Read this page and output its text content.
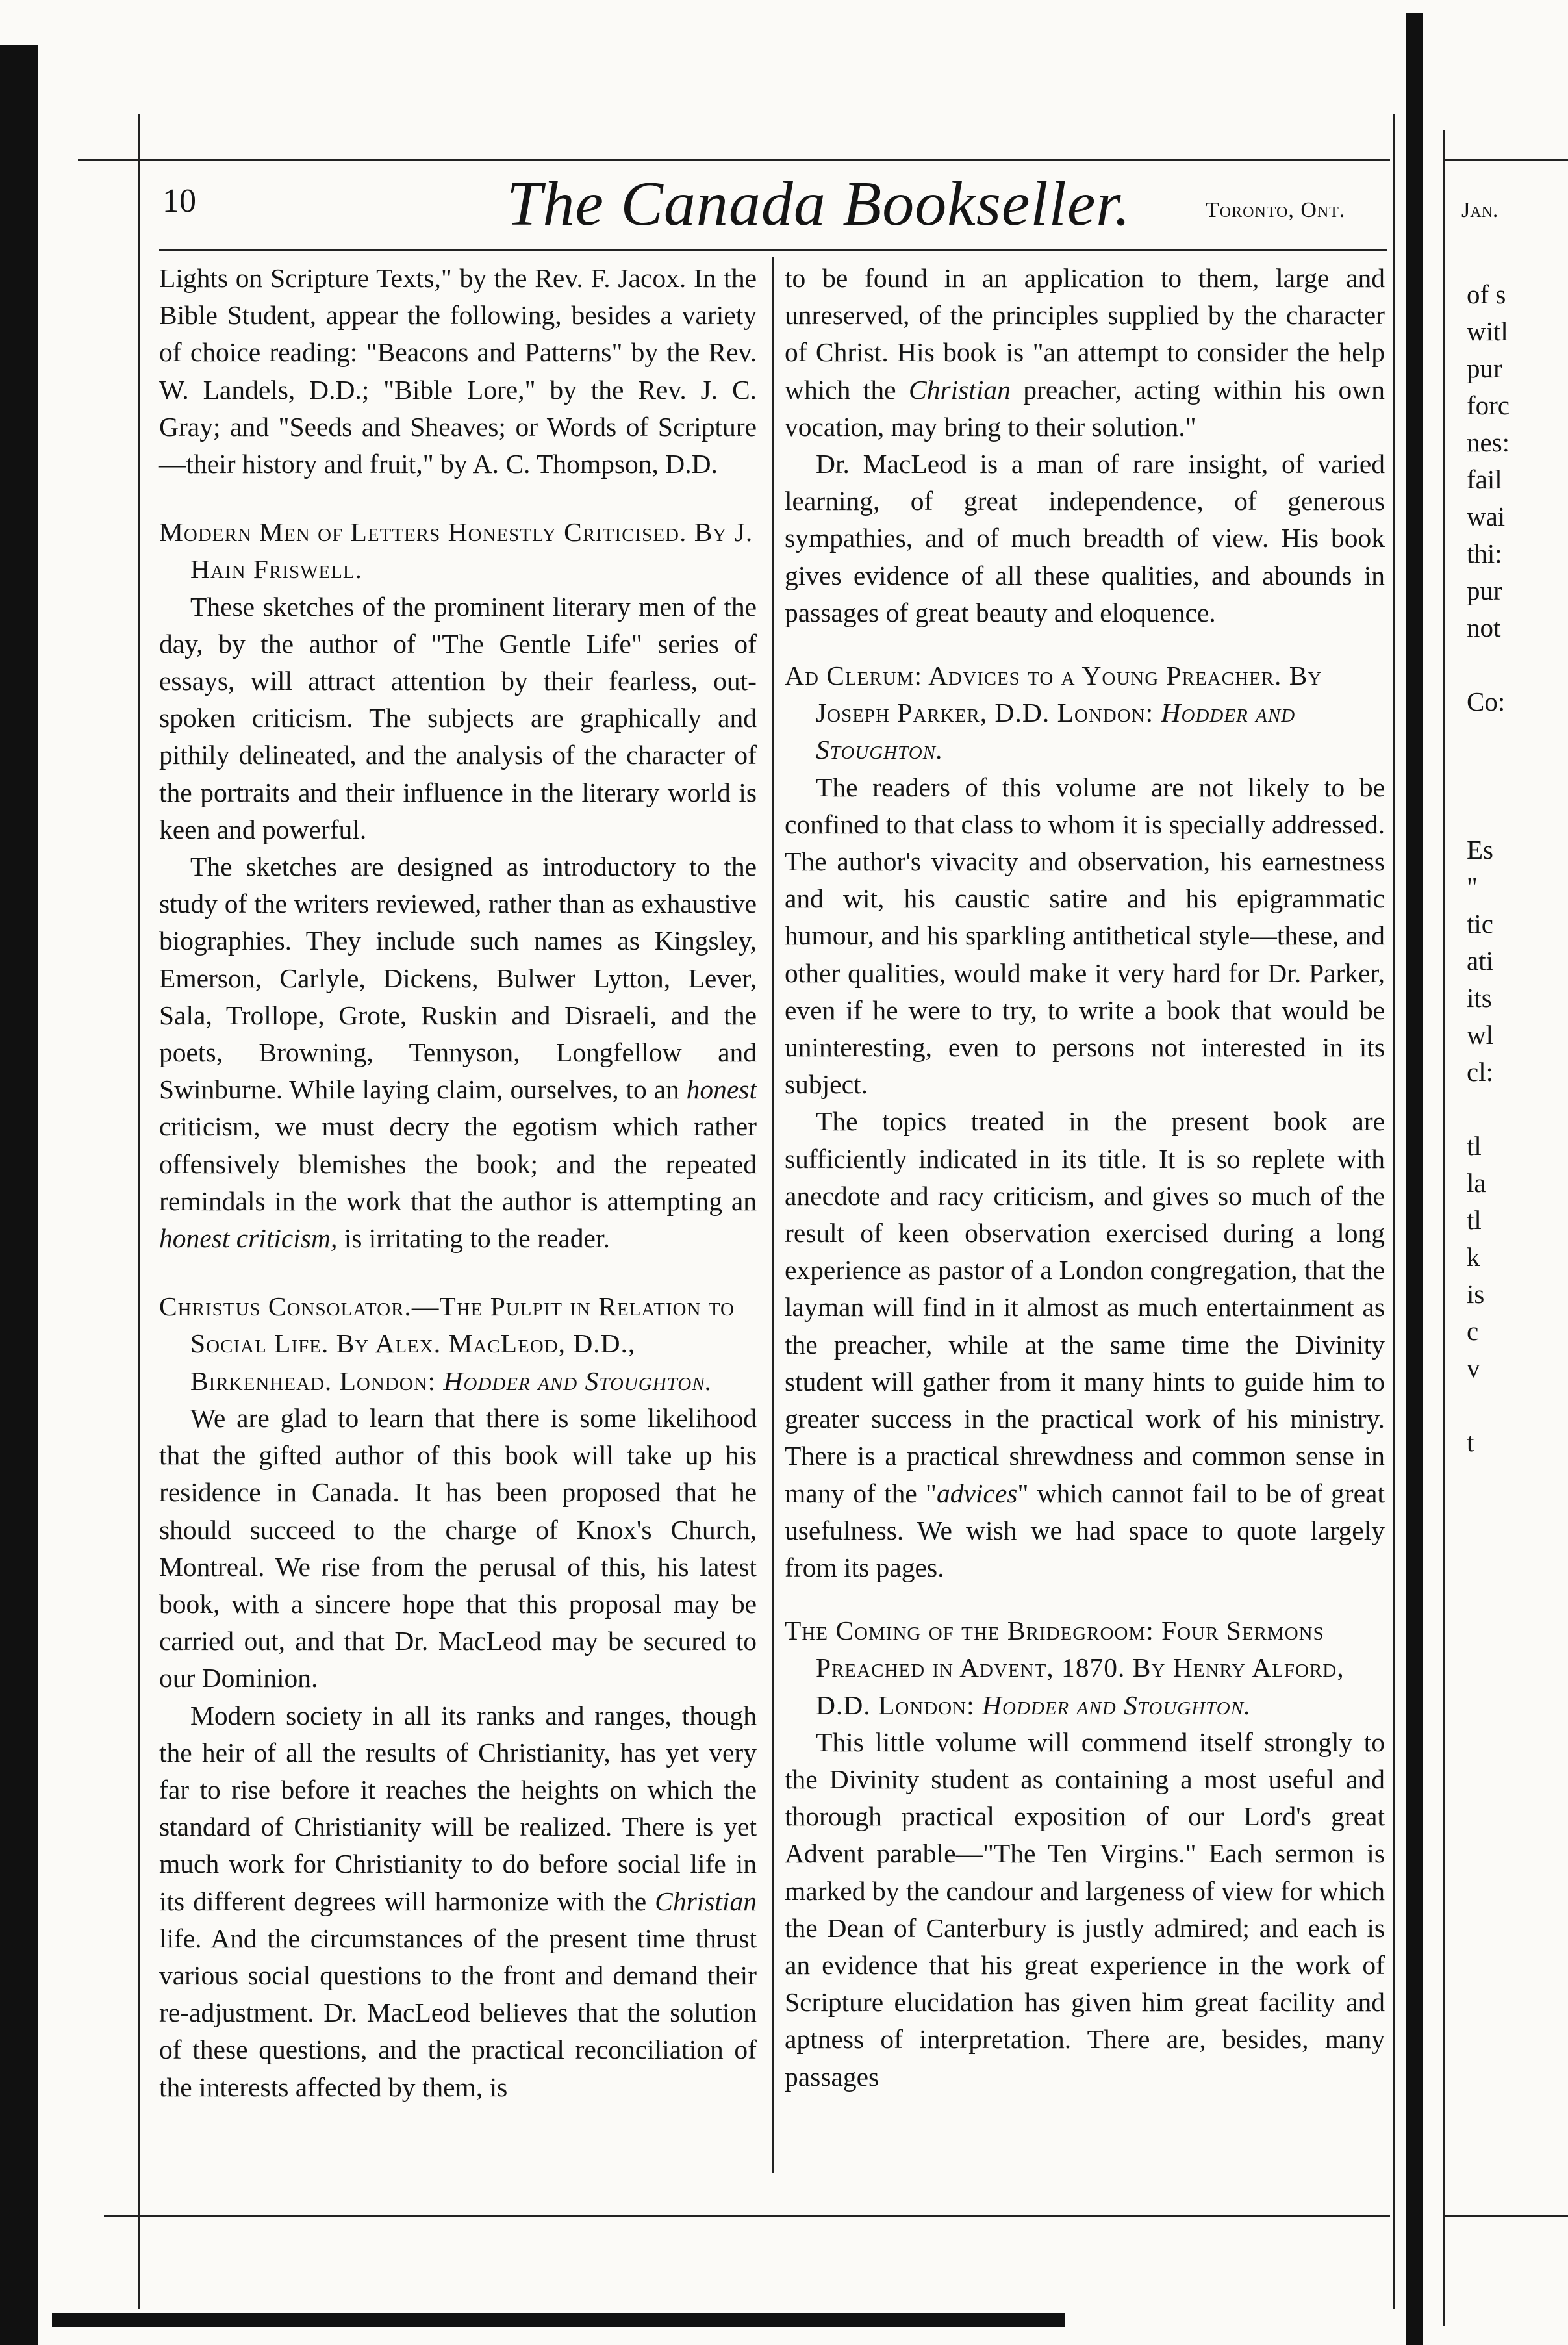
10	The Canada Bookseller.	Toronto, Ont.	Jan.

Lights on Scripture Texts," by the Rev. F. Jacox. In the Bible Student, appear the following, besides a variety of choice reading: "Beacons and Patterns" by the Rev. W. Landels, D.D.; "Bible Lore," by the Rev. J. C. Gray; and "Seeds and Sheaves; or Words of Scripture—their history and fruit," by A. C. Thompson, D.D.

Modern Men of Letters Honestly Criticised. By J. Hain Friswell.

These sketches of the prominent literary men of the day, by the author of "The Gentle Life" series of essays, will attract attention by their fearless, out-spoken criticism. The subjects are graphically and pithily delineated, and the analysis of the character of the portraits and their influence in the literary world is keen and powerful.

The sketches are designed as introductory to the study of the writers reviewed, rather than as exhaustive biographies. They include such names as Kingsley, Emerson, Carlyle, Dickens, Bulwer Lytton, Lever, Sala, Trollope, Grote, Ruskin and Disraeli, and the poets, Browning, Tennyson, Longfellow and Swinburne. While laying claim, ourselves, to an honest criticism, we must decry the egotism which rather offensively blemishes the book; and the repeated remindals in the work that the author is attempting an honest criticism, is irritating to the reader.

Christus Consolator.—The Pulpit in Relation to Social Life. By Alex. MacLeod, D.D., Birkenhead. London: Hodder and Stoughton.

We are glad to learn that there is some likelihood that the gifted author of this book will take up his residence in Canada. It has been proposed that he should succeed to the charge of Knox's Church, Montreal. We rise from the perusal of this, his latest book, with a sincere hope that this proposal may be carried out, and that Dr. MacLeod may be secured to our Dominion.

Modern society in all its ranks and ranges, though the heir of all the results of Christianity, has yet very far to rise before it reaches the heights on which the standard of Christianity will be realized. There is yet much work for Christianity to do before social life in its different degrees will harmonize with the Christian life. And the circumstances of the present time thrust various social questions to the front and demand their re-adjustment. Dr. MacLeod believes that the solution of these questions, and the practical reconciliation of the interests affected by them, is

to be found in an application to them, large and unreserved, of the principles supplied by the character of Christ. His book is "an attempt to consider the help which the Christian preacher, acting within his own vocation, may bring to their solution."

Dr. MacLeod is a man of rare insight, of varied learning, of great independence, of generous sympathies, and of much breadth of view. His book gives evidence of all these qualities, and abounds in passages of great beauty and eloquence.

Ad Clerum: Advices to a Young Preacher. By Joseph Parker, D.D. London: Hodder and Stoughton.

The readers of this volume are not likely to be confined to that class to whom it is specially addressed. The author's vivacity and observation, his earnestness and wit, his caustic satire and his epigrammatic humour, and his sparkling antithetical style—these, and other qualities, would make it very hard for Dr. Parker, even if he were to try, to write a book that would be uninteresting, even to persons not interested in its subject.

The topics treated in the present book are sufficiently indicated in its title. It is so replete with anecdote and racy criticism, and gives so much of the result of keen observation exercised during a long experience as pastor of a London congregation, that the layman will find in it almost as much entertainment as the preacher, while at the same time the Divinity student will gather from it many hints to guide him to greater success in the practical work of his ministry. There is a practical shrewdness and common sense in many of the "advices" which cannot fail to be of great usefulness. We wish we had space to quote largely from its pages.

The Coming of the Bridegroom: Four Sermons Preached in Advent, 1870. By Henry Alford, D.D. London: Hodder and Stoughton.

This little volume will commend itself strongly to the Divinity student as containing a most useful and thorough practical exposition of our Lord's great Advent parable—"The Ten Virgins." Each sermon is marked by the candour and largeness of view for which the Dean of Canterbury is justly admired; and each is an evidence that his great experience in the work of Scripture elucidation has given him great facility and aptness of interpretation. There are, besides, many passages

of s
witl
pur
forc
nes:
fail
wai
thi:
pur
not
Co:
Es
"
tic
ati
its
wl
cl:
tl
la
tl
k
is
c
v
t
